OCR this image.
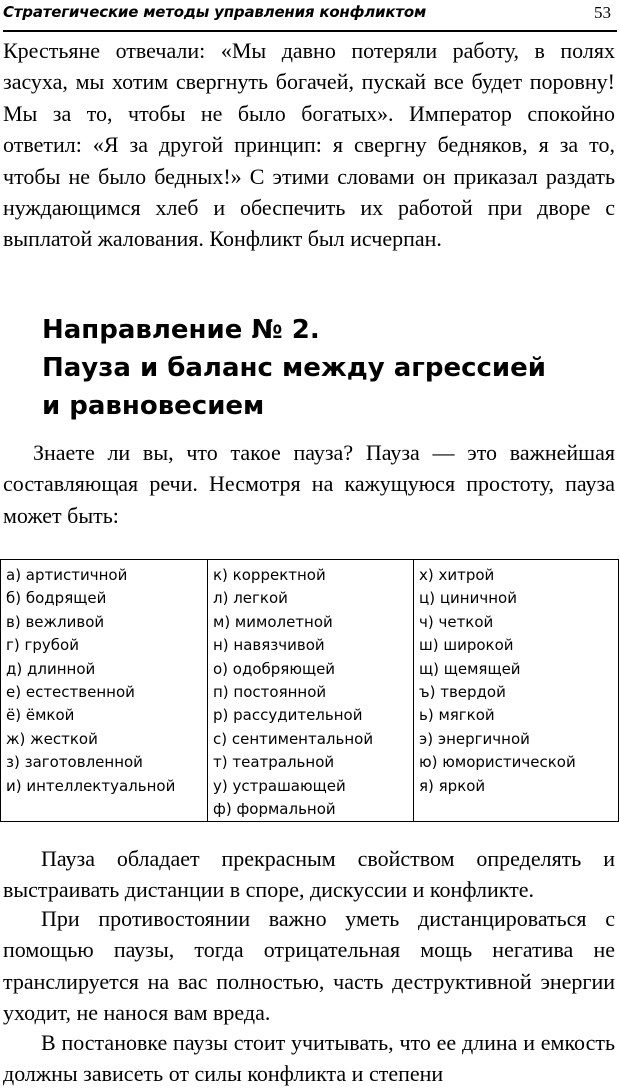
Стратегические методы управления конфликтом	53

Крестьяне отвечали: «Мы давно потеряли работу, в полях засуха, мы хотим свергнуть богачей, пускай все будет поровну! Мы за то, чтобы не было богатых». Император спокойно ответил: «Я за другой принцип: я свергну бедняков, я за то, чтобы не было бедных!» С этими словами он приказал раздать нуждающимся хлеб и обеспечить их работой при дворе с выплатой жалования. Конфликт был исчерпан.

Направление № 2.
Пауза и баланс между агрессией
и равновесием

Знаете ли вы, что такое пауза? Пауза — это важнейшая составляющая речи. Несмотря на кажущуюся простоту, пауза может быть:

а) артистичной
б) бодрящей
в) вежливой
г) грубой
д) длинной
е) естественной
ё) ёмкой
ж) жесткой
з) заготовленной
и) интеллектуальной

к) корректной
л) легкой
м) мимолетной
н) навязчивой
о) одобряющей
п) постоянной
р) рассудительной
с) сентиментальной
т) театральной
у) устрашающей
ф) формальной

х) хитрой
ц) циничной
ч) четкой
ш) широкой
щ) щемящей
ъ) твердой
ь) мягкой
э) энергичной
ю) юмористической
я) яркой

Пауза обладает прекрасным свойством определять и выстраивать дистанции в споре, дискуссии и конфликте.

При противостоянии важно уметь дистанцироваться с помощью паузы, тогда отрицательная мощь негатива не транслируется на вас полностью, часть деструктивной энергии уходит, не нанося вам вреда.

В постановке паузы стоит учитывать, что ее длина и емкость должны зависеть от силы конфликта и степени
